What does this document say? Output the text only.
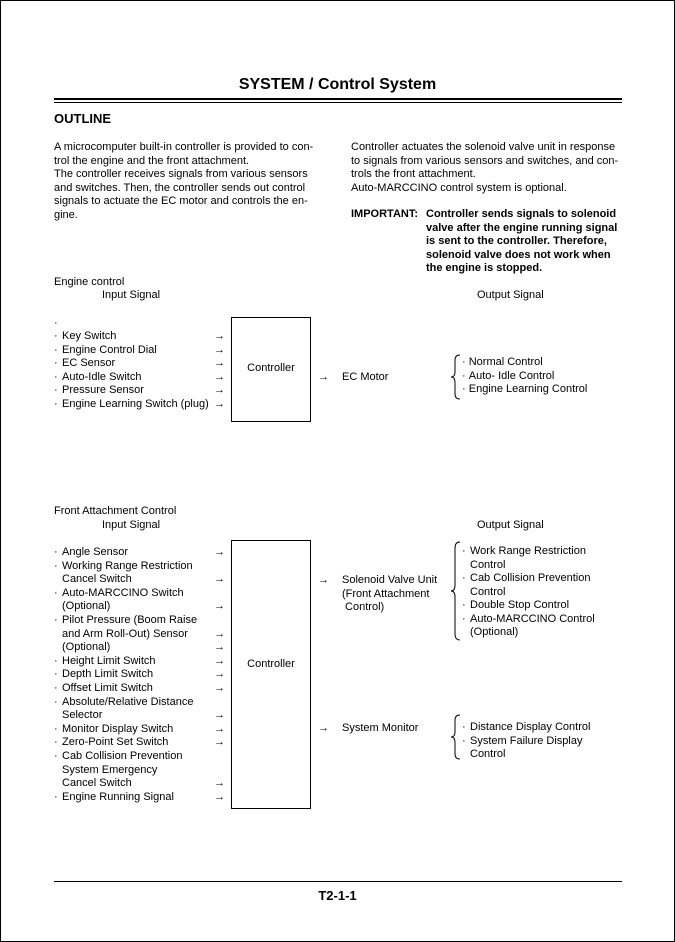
SYSTEM / Control System
OUTLINE
A microcomputer built-in controller is provided to con-
trol the engine and the front attachment.
The controller receives signals from various sensors
and switches. Then, the controller sends out control
signals to actuate the EC motor and controls the en-
gine.
Controller actuates the solenoid valve unit in response
to signals from various sensors and switches, and con-
trols the front attachment.
Auto-MARCCINO control system is optional.
IMPORTANT: Controller sends signals to solenoid
valve after the engine running signal
is sent to the controller. Therefore,
solenoid valve does not work when
the engine is stopped.
Engine control
Input Signal	Output Signal
·
Controller
→ EC Motor
· Normal Control
· Auto- Idle Control
· Engine Learning Control
Front Attachment Control
Input Signal	Output Signal
Controller
→ Solenoid Valve Unit
(Front Attachment
Control)
· Work Range Restriction
Control
· Cab Collision Prevention
Control
· Double Stop Control
· Auto-MARCCINO Control
(Optional)
→ System Monitor	· Distance Display Control
· System Failure Display
Control
T2-1-1
· Key Switch	→
· Engine Control Dial	→
· EC Sensor	→
· Auto-Idle Switch	→
· Pressure Sensor	→
· Engine Learning Switch (plug) →
· Angle Sensor	→
· Working Range Restriction
Cancel Switch	→
· Auto-MARCCINO Switch
(Optional)	→
· Pilot Pressure (Boom Raise
and Arm Roll-Out) Sensor →
(Optional)	→
· Height Limit Switch	→
· Depth Limit Switch	→
· Offset Limit Switch	→
· Absolute/Relative Distance
Selector	→
· Monitor Display Switch	→
· Zero-Point Set Switch	→
· Cab Collision Prevention
System Emergency
Cancel Switch	→
· Engine Running Signal	→
